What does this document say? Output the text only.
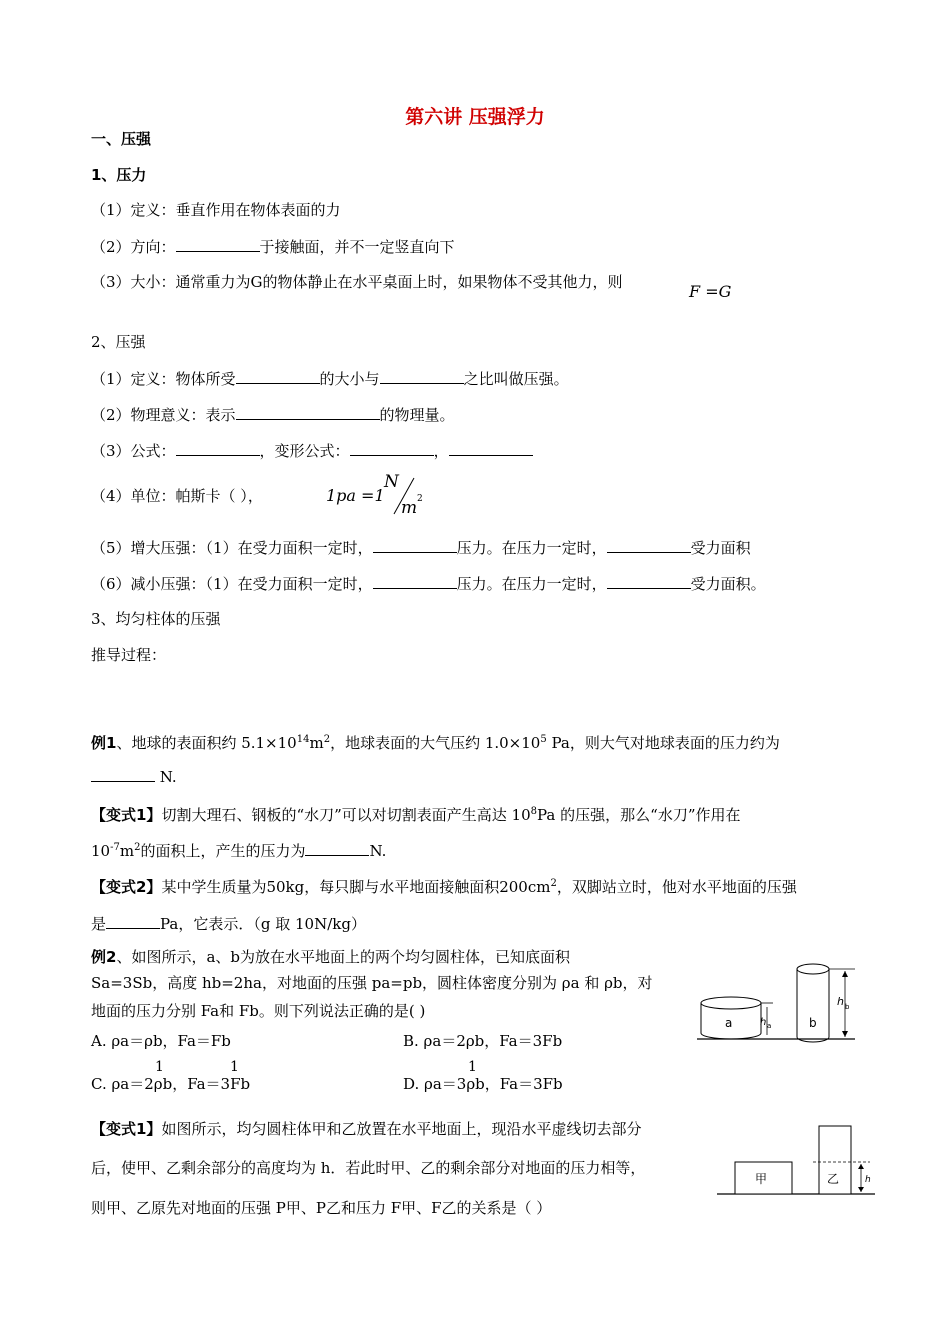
第六讲 压强浮力
一、压强
1、压力
（1）定义：垂直作用在物体表面的力
（2）方向：	于接触面，并不一定竖直向下
（3）大小：通常重力为G的物体静止在水平桌面上时，如果物体不受其他力，则	F =G
2、压强
（1）定义：物体所受	的大小与	之比叫做压强。
（2）物理意义：表示	的物理量。
（3）公式：	，变形公式：	，
（4）单位：帕斯卡（ ），	1pa =1
N
m 2
（5）增大压强：（1）在受力面积一定时，	压力。在压力一定时，	受力面积
（6）减小压强：（1）在受力面积一定时，	压力。在压力一定时，	受力面积。
3、均匀柱体的压强
推导过程：
例1、地球的表面积约 $5.1\times 10^{14}m^2$，地球表面的大气压约 $1.0\times 10^5$ Pa，则大气对地球表面的压力约为
N.
【变式1】切割大理石、钢板的“水刀”可以对切割表面产生高达 $10^8Pa$ 的压强，那么“水刀”作用在
$10^{-7}m^2$的面积上，产生的压力为	N.
【变式2】某中学生质量为50kg，每只脚与水平地面接触面积$200cm^2$，双脚站立时，他对水平地面的压强
是	Pa，它表示．（g 取 10N/kg）
例2、如图所示，a、b为放在水平地面上的两个均匀圆柱体，已知底面积
Sa=3Sb，高度 hb=2ha，对地面的压强 pa=pb，圆柱体密度分别为 ρa 和 ρb，对
地面的压力分别 Fa和 Fb。则下列说法正确的是( )
A. ρa＝ρb，Fa＝Fb	B. ρa＝2ρb，Fa＝3Fb
C. ρa＝2ρb，Fa＝3Fb
1	1
D. ρa＝3ρb，Fa＝3Fb
1
a	h a	b
h b
【变式1】如图所示，均匀圆柱体甲和乙放置在水平地面上，现沿水平虚线切去部分
后，使甲、乙剩余部分的高度均为 h．若此时甲、乙的剩余部分对地面的压力相等，
则甲、乙原先对地面的压强 P甲、P乙和压力 F甲、F乙的关系是（ ）
甲	乙	h
